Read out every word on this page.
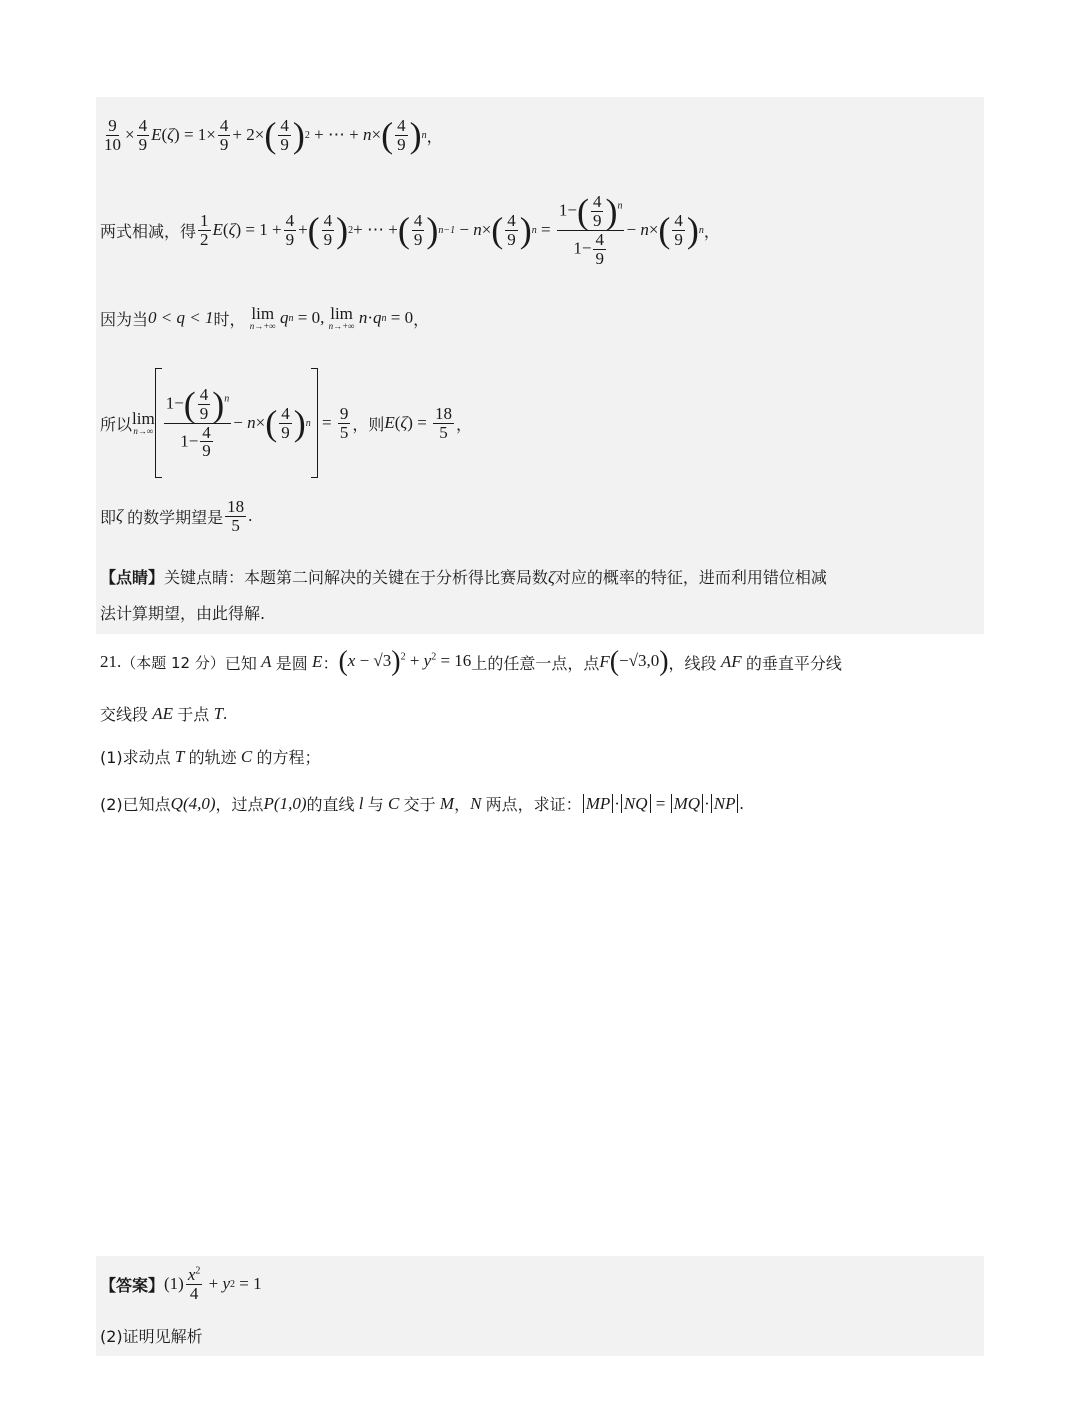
$\frac{9}{10} \times \frac{4}{9}$ E ( ζ ) = $1\times \frac{4}{9} + 2\times$ ( $\frac{4}{9}$ ) 2 + ⋯ + n × ( $\frac{4}{9}$ ) n ，
两式相减，得 $\frac{1}{2}$ E ( ζ ) = $1 + \frac{4}{9}$ + ( $\frac{4}{9}$ ) 2 + ⋯ + ( $\frac{4}{9}$ ) n−1 − n × ( $\frac{4}{9}$ ) $n = \frac{1-( \frac{4}{9} )^n}{1- \frac{4}{9}} - n$ × ( $\frac{4}{9}$ ) n ，
因为当 0 < q < 1 时，
lim
n→+∞
q n
= 0,
lim
n→+∞
n · q n
= 0 ，
所以 lim
$n\to\infty \frac{1-( \frac{4}{9} )^n}{1- \frac{4}{9}} - n$ × ( $\frac{4}{9}$ ) $n = \frac{9}{5}$ ，则 E ( ζ ) = $\frac{18}{5}$ ，
即 ζ
的数学期望是 $\frac{18}{5}$ .
【点睛】关键点睛：本题第二问解决的关键在于分析得比赛局数ζ对应的概率的特征，进而利用错位相减
法计算期望，由此得解.
21. （本题 12 分） 已知 A 是圆 E ： $(x - √3)^2 + y^2 = 16$ 上的任意一点，点 F (−√3,0) ，线段 AF 的垂直平分线
交线段 AE 于点 T .
(1)求动点 T 的轨迹 C 的方程；
(2)已知点 Q(4,0) ，过点 P(1,0) 的直线 l 与 C 交于 M ， N 两点，求证： MP · NQ = MQ · NP .
【答案】 $(1) \frac{x^2}{4} + y$ 2 = 1
(2)证明见解析
